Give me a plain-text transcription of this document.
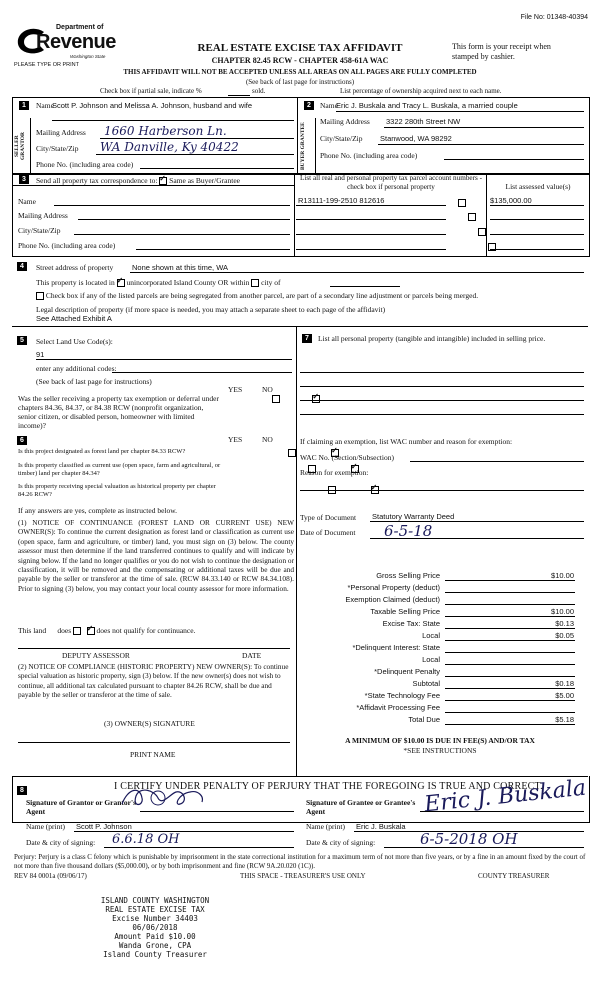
File No: 01348-40394
Department of
Revenue
Washington State
PLEASE TYPE OR PRINT
REAL ESTATE EXCISE TAX AFFIDAVIT
CHAPTER 82.45 RCW - CHAPTER 458-61A WAC
This form is your receipt when stamped by cashier.
THIS AFFIDAVIT WILL NOT BE ACCEPTED UNLESS ALL AREAS ON ALL PAGES ARE FULLY COMPLETED
(See back of last page for instructions)
Check box if partial sale, indicate %	sold.	List percentage of ownership acquired next to each name.
1	2
SELLER GRANTOR	BUYER GRANTEE
Name
Scott P. Johnson and Melissa A. Johnson, husband and wife
Mailing Address 1660 Harberson Ln.
City/State/Zip WA Danville, Ky 40422
Phone No. (including area code)
Name
Eric J. Buskala and Tracy L. Buskala, a married couple
Mailing Address 3322 280th Street NW
City/State/Zip Stanwood, WA 98292
Phone No. (including area code)
3	Send all property tax correspondence to: ✓ Same as Buyer/Grantee	List all real and personal property tax parcel account numbers - check box if personal property	List assessed value(s)
Name
Mailing Address
City/State/Zip
Phone No. (including area code)
R13111-199-2510 812616	$135,000.00

4	Street address of property None shown at this time, WA
This property is located in ✓ unincorporated Island County OR within city of
Check box if any of the listed parcels are being segregated from another parcel, are part of a secondary line adjustment or parcels being merged.
Legal description of property (if more space is needed, you may attach a separate sheet to each page of the affidavit)
See Attached Exhibit A
5	Select Land Use Code(s):
91
enter any additional codes:
(See back of last page for instructions)
YES	NO
Was the seller receiving a property tax exemption or deferral under chapters 84.36, 84.37, or 84.38 RCW (nonprofit organization, senior citizen, or disabled person, homeowner with limited income)?
✓
6	YES	NO
Is this project designated as forest land per chapter 84.33 RCW?
✓
Is this property classified as current use (open space, farm and agricultural, or timber) land per chapter 84.34?
✓
Is this property receiving special valuation as historical property per chapter 84.26 RCW?
✓
If any answers are yes, complete as instructed below.
(1) NOTICE OF CONTINUANCE (FOREST LAND OR CURRENT USE) NEW OWNER(S): To continue the current designation as forest land or classification as current use (open space, farm and agriculture, or timber) land, you must sign on (3) below. The county assessor must then determine if the land transferred continues to qualify and will indicate by signing below. If the land no longer qualifies or you do not wish to continue the designation or classification, it will be removed and the compensating or additional taxes will be due and payable by the seller or transferor at the time of sale. (RCW 84.33.140 or RCW 84.34.108). Prior to signing (3) below, you may contact your local county assessor for more information.
This land does ✓	does not qualify for continuance.
DEPUTY ASSESSOR	DATE
(2) NOTICE OF COMPLIANCE (HISTORIC PROPERTY) NEW OWNER(S): To continue special valuation as historic property, sign (3) below. If the new owner(s) does not wish to continue, all additional tax calculated pursuant to chapter 84.26 RCW, shall be due and payable by the seller or transferor at the time of sale.
(3) OWNER(S) SIGNATURE
PRINT NAME
7	List all personal property (tangible and intangible) included in selling price.
If claiming an exemption, list WAC number and reason for exemption:
WAC No. (Section/Subsection)
Reason for exemption:
Type of Document Statutory Warranty Deed
Date of Document 6-5-18
Gross Selling Price	$10.00
*Personal Property (deduct)
Exemption Claimed (deduct)
Taxable Selling Price	$10.00
Excise Tax: State	$0.13
Local	$0.05
*Delinquent Interest: State
Local
*Delinquent Penalty
Subtotal	$0.18
*State Technology Fee	$5.00
*Affidavit Processing Fee
Total Due	$5.18
A MINIMUM OF $10.00 IS DUE IN FEE(S) AND/OR TAX
*SEE INSTRUCTIONS
8	I CERTIFY UNDER PENALTY OF PERJURY THAT THE FOREGOING IS TRUE AND CORRECT.
Signature of Grantor or Grantor's Agent
Signature of Grantee or Grantee's Agent	Eric J. Buskala
Name (print) Scott P. Johnson	Name (print) Eric J. Buskala
Date & city of signing: 6.6.18 OH	Date & city of signing:	6-5-2018 OH
Perjury: Perjury is a class C felony which is punishable by imprisonment in the state correctional institution for a maximum term of not more than five years, or by a fine in an amount fixed by the court of not more than five thousand dollars ($5,000.00), or by both imprisonment and fine (RCW 9A.20.020 (1C)).
REV 84 0001a (09/06/17)	THIS SPACE - TREASURER'S USE ONLY	COUNTY TREASURER
ISLAND COUNTY WASHINGTON
REAL ESTATE EXCISE TAX
Excise Number 34403
06/06/2018
Amount Paid $10.00
Wanda Grone, CPA
Island County Treasurer
